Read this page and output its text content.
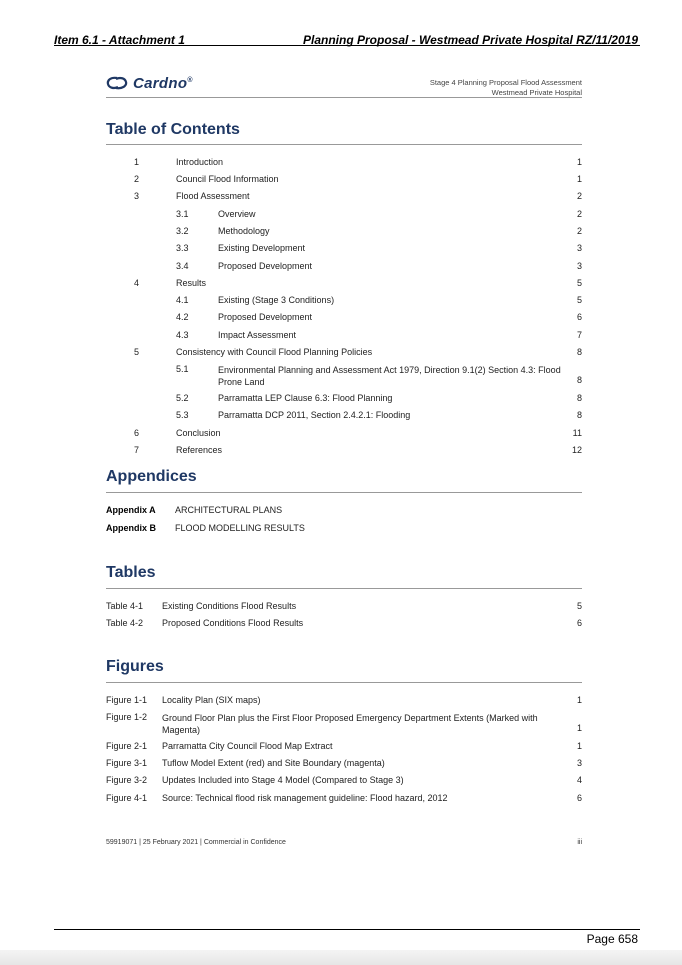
Item 6.1 - Attachment 1	Planning Proposal - Westmead Private Hospital RZ/11/2019
Cardno®	Stage 4 Planning Proposal Flood Assessment
Westmead Private Hospital
Table of Contents
1	Introduction	1
2	Council Flood Information	1
3	Flood Assessment	2
3.1	Overview	2
3.2	Methodology	2
3.3	Existing Development	3
3.4	Proposed Development	3
4	Results	5
4.1	Existing (Stage 3 Conditions)	5
4.2	Proposed Development	6
4.3	Impact Assessment	7
5	Consistency with Council Flood Planning Policies	8
5.1	Environmental Planning and Assessment Act 1979, Direction 9.1(2) Section 4.3: Flood Prone Land	8
5.2	Parramatta LEP Clause 6.3: Flood Planning	8
5.3	Parramatta DCP 2011, Section 2.4.2.1: Flooding	8
6	Conclusion	11
7	References	12
Appendices
Appendix A ARCHITECTURAL PLANS
Appendix B FLOOD MODELLING RESULTS
Tables
Table 4-1 Existing Conditions Flood Results	5
Table 4-2 Proposed Conditions Flood Results	6
Figures
Figure 1-1 Locality Plan (SIX maps)	1
Figure 1-2 Ground Floor Plan plus the First Floor Proposed Emergency Department Extents (Marked with Magenta)	1
Figure 2-1 Parramatta City Council Flood Map Extract	1
Figure 3-1 Tuflow Model Extent (red) and Site Boundary (magenta)	3
Figure 3-2 Updates Included into Stage 4 Model (Compared to Stage 3)	4
Figure 4-1 Source: Technical flood risk management guideline: Flood hazard, 2012	6
59919071 | 25 February 2021 | Commercial in Confidence	iii
Page 658
